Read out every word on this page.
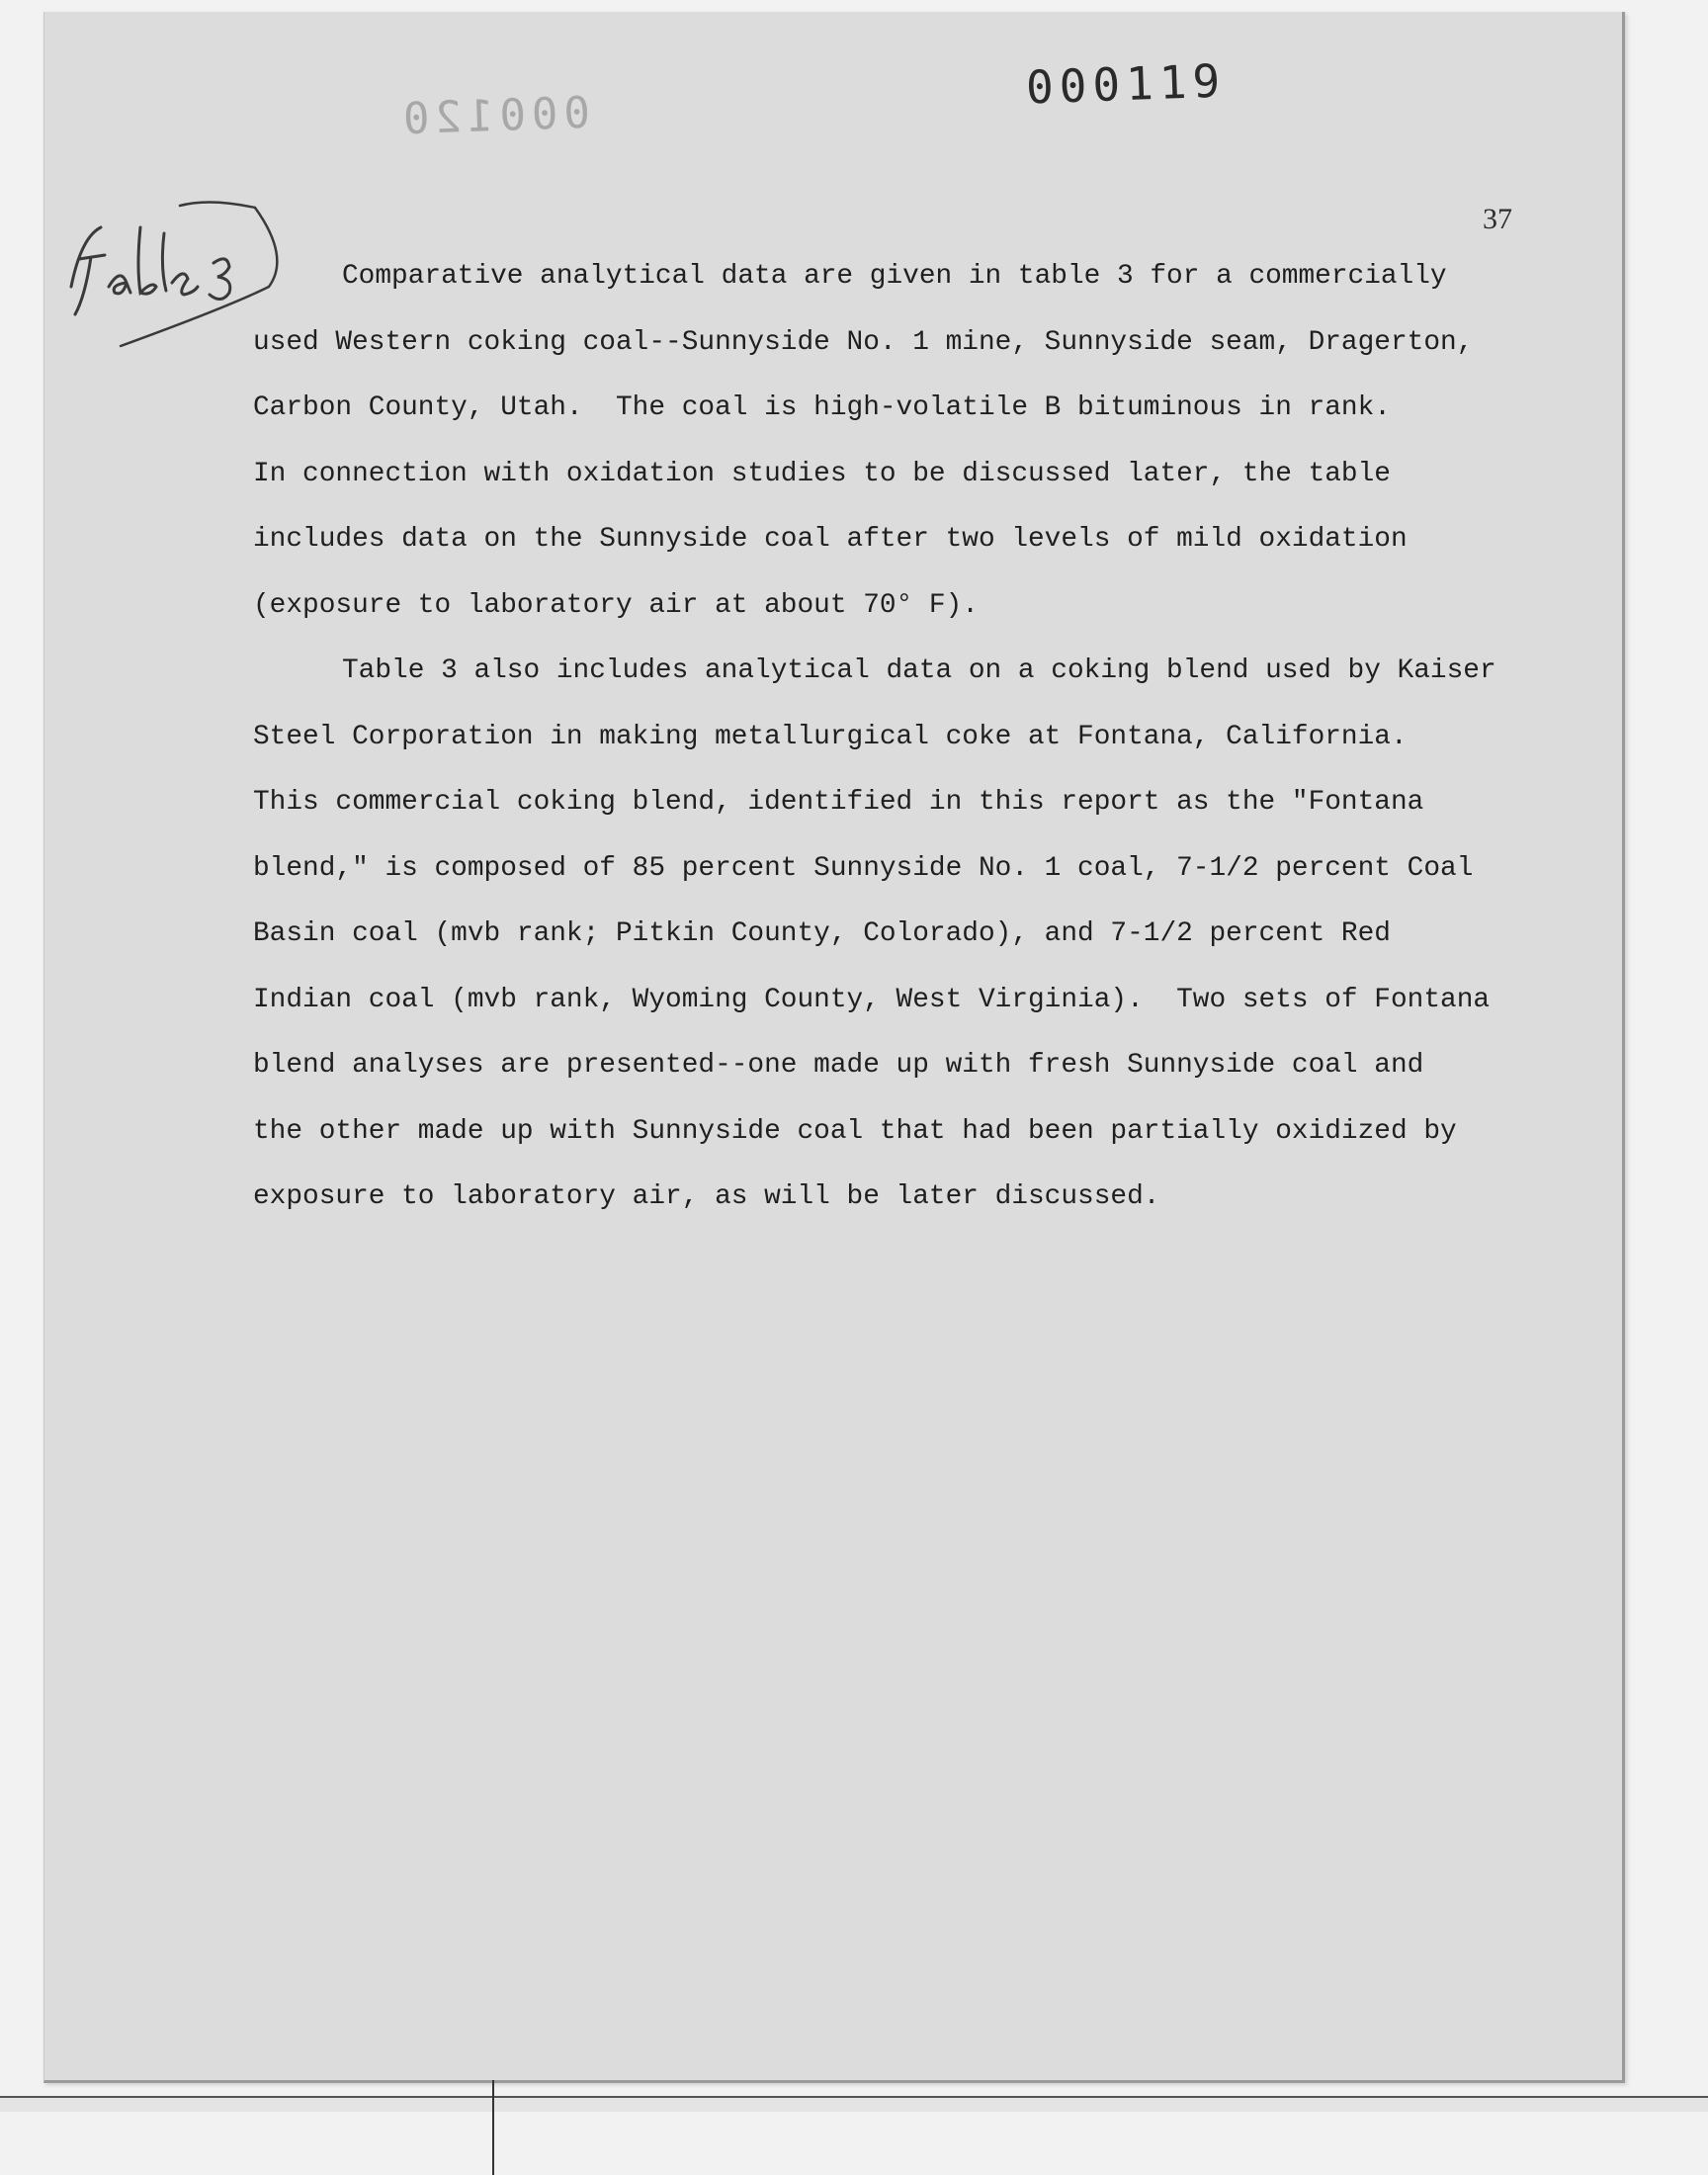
000120
000119
37

Comparative analytical data are given in table 3 for a commercially
used Western coking coal--Sunnyside No. 1 mine, Sunnyside seam, Dragerton,
Carbon County, Utah.  The coal is high-volatile B bituminous in rank.
In connection with oxidation studies to be discussed later, the table
includes data on the Sunnyside coal after two levels of mild oxidation
(exposure to laboratory air at about 70° F).

Table 3 also includes analytical data on a coking blend used by Kaiser
Steel Corporation in making metallurgical coke at Fontana, California.
This commercial coking blend, identified in this report as the "Fontana
blend," is composed of 85 percent Sunnyside No. 1 coal, 7-1/2 percent Coal
Basin coal (mvb rank; Pitkin County, Colorado), and 7-1/2 percent Red
Indian coal (mvb rank, Wyoming County, West Virginia).  Two sets of Fontana
blend analyses are presented--one made up with fresh Sunnyside coal and
the other made up with Sunnyside coal that had been partially oxidized by
exposure to laboratory air, as will be later discussed.
